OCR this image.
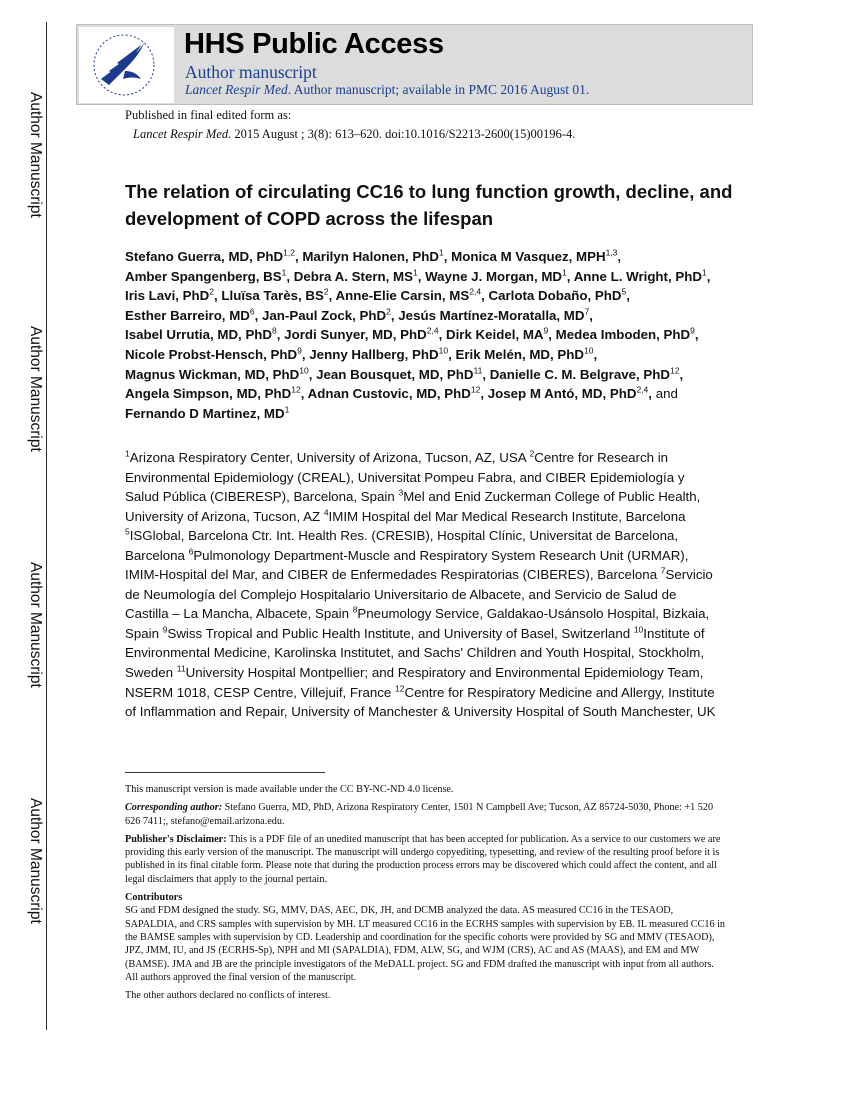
Author Manuscript
Author Manuscript
Author Manuscript
Author Manuscript
HHS Public Access
Author manuscript
Lancet Respir Med. Author manuscript; available in PMC 2016 August 01.
Published in final edited form as:
Lancet Respir Med. 2015 August ; 3(8): 613–620. doi:10.1016/S2213-2600(15)00196-4.
The relation of circulating CC16 to lung function growth, decline, and development of COPD across the lifespan
Stefano Guerra, MD, PhD$^{1,2}$, Marilyn Halonen, PhD$^1$, Monica M Vasquez, MPH$^{1,3}$, Amber Spangenberg, $BS^1$, Debra A. Stern, $MS^1$, Wayne J. Morgan, $MD^1$, Anne L. Wright, PhD$^1$, Iris Lavi, PhD$^2$, Lluïsa Tarès, $BS^2$, Anne-Elie Carsin, MS$^{2,4}$, Carlota Dobaño, PhD$^5$, Esther Barreiro, $MD^6$, Jan-Paul Zock, PhD$^2$, Jesús Martínez-Moratalla, $MD^7$, Isabel Urrutia, MD, PhD$^8$, Jordi Sunyer, MD, PhD$^{2,4}$, Dirk Keidel, $MA^9$, Medea Imboden, PhD$^9$, Nicole Probst-Hensch, PhD$^9$, Jenny Hallberg, PhD$^{10}$, Erik Melén, MD, PhD$^{10}$, Magnus Wickman, MD, PhD$^{10}$, Jean Bousquet, MD, PhD$^{11}$, Danielle C. M. Belgrave, PhD$^{12}$, Angela Simpson, MD, PhD$^{12}$, Adnan Custovic, MD, PhD$^{12}$, Josep M Antó, MD, PhD$^{2,4}$, and Fernando D Martinez, $MD^1$
$^1$Arizona Respiratory Center, University of Arizona, Tucson, AZ, USA $^2$Centre for Research in Environmental Epidemiology (CREAL), Universitat Pompeu Fabra, and CIBER Epidemiología y Salud Pública (CIBERESP), Barcelona, Spain $^3$Mel and Enid Zuckerman College of Public Health, University of Arizona, Tucson, AZ $^4$IMIM Hospital del Mar Medical Research Institute, Barcelona $^5$ISGlobal, Barcelona Ctr. Int. Health Res. (CRESIB), Hospital Clínic, Universitat de Barcelona, Barcelona $^6$Pulmonology Department-Muscle and Respiratory System Research Unit (URMAR), IMIM-Hospital del Mar, and CIBER de Enfermedades Respiratorias (CIBERES), Barcelona $^7$Servicio de Neumología del Complejo Hospitalario Universitario de Albacete, and Servicio de Salud de Castilla – La Mancha, Albacete, Spain $^8$Pneumology Service, Galdakao-Usánsolo Hospital, Bizkaia, Spain $^9$Swiss Tropical and Public Health Institute, and University of Basel, Switzerland $^{10}$Institute of Environmental Medicine, Karolinska Institutet, and Sachs' Children and Youth Hospital, Stockholm, Sweden $^{11}$University Hospital Montpellier; and Respiratory and Environmental Epidemiology Team, NSERM 1018, CESP Centre, Villejuif, France $^{12}$Centre for Respiratory Medicine and Allergy, Institute of Inflammation and Repair, University of Manchester & University Hospital of South Manchester, UK

This manuscript version is made available under the CC BY-NC-ND 4.0 license.

Corresponding author: Stefano Guerra, MD, PhD, Arizona Respiratory Center, 1501 N Campbell Ave; Tucson, AZ 85724-5030, Phone: +1 520 626 7411;, stefano@email.arizona.edu.

Publisher's Disclaimer: This is a PDF file of an unedited manuscript that has been accepted for publication. As a service to our customers we are providing this early version of the manuscript. The manuscript will undergo copyediting, typesetting, and review of the resulting proof before it is published in its final citable form. Please note that during the production process errors may be discovered which could affect the content, and all legal disclaimers that apply to the journal pertain.

Contributors
SG and FDM designed the study. SG, MMV, DAS, AEC, DK, JH, and DCMB analyzed the data. AS measured CC16 in the TESAOD, SAPALDIA, and CRS samples with supervision by MH. LT measured CC16 in the ECRHS samples with supervision by EB. IL measured CC16 in the BAMSE samples with supervision by CD. Leadership and coordination for the specific cohorts were provided by SG and MMV (TESAOD), JPZ, JMM, IU, and JS (ECRHS-Sp), NPH and MI (SAPALDIA), FDM, ALW, SG, and WJM (CRS), AC and AS (MAAS), and EM and MW (BAMSE). JMA and JB are the principle investigators of the MeDALL project. SG and FDM drafted the manuscript with input from all authors. All authors approved the final version of the manuscript.

The other authors declared no conflicts of interest.
